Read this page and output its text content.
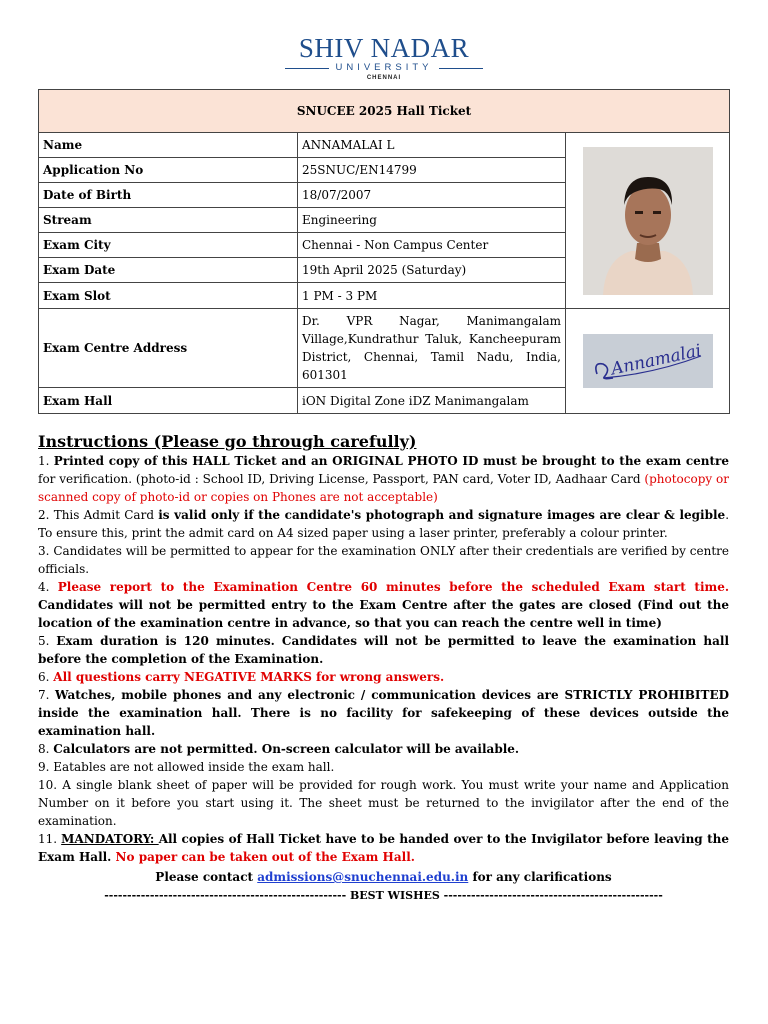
SHIV NADAR
UNIVERSITY
CHENNAI
SNUCEE 2025 Hall Ticket		
Name	ANNAMALAI L	

Application No	25SNUC/EN14799	
Date of Birth	18/07/2007	
Stream	Engineering	
Exam City	Chennai - Non Campus Center	
Exam Date	19th April 2025 (Saturday)	
Exam Slot	1 PM - 3 PM	
Exam Centre Address	Dr. VPR Nagar, Manimangalam Village,Kundrathur Taluk, Kancheepuram District, Chennai, Tamil Nadu, India, 601301	Annamalai

Exam Hall	iON Digital Zone iDZ Manimangalam	
Instructions (Please go through carefully)

1. Printed copy of this HALL Ticket and an ORIGINAL PHOTO ID must be brought to the exam centre for verification. (photo-id : School ID, Driving License, Passport, PAN card, Voter ID, Aadhaar Card (photocopy or scanned copy of photo-id or copies on Phones are not acceptable)

2. This Admit Card is valid only if the candidate's photograph and signature images are clear & legible. To ensure this, print the admit card on A4 sized paper using a laser printer, preferably a colour printer.

3. Candidates will be permitted to appear for the examination ONLY after their credentials are verified by centre officials.

4. Please report to the Examination Centre 60 minutes before the scheduled Exam start time. Candidates will not be permitted entry to the Exam Centre after the gates are closed (Find out the location of the examination centre in advance, so that you can reach the centre well in time)

5. Exam duration is 120 minutes. Candidates will not be permitted to leave the examination hall before the completion of the Examination.

6. All questions carry NEGATIVE MARKS for wrong answers.

7. Watches, mobile phones and any electronic / communication devices are STRICTLY PROHIBITED inside the examination hall. There is no facility for safekeeping of these devices outside the examination hall.

8. Calculators are not permitted. On-screen calculator will be available.

9. Eatables are not allowed inside the exam hall.

10. A single blank sheet of paper will be provided for rough work. You must write your name and Application Number on it before you start using it. The sheet must be returned to the invigilator after the end of the examination.

11. MANDATORY: All copies of Hall Ticket have to be handed over to the Invigilator before leaving the Exam Hall. No paper can be taken out of the Exam Hall.

Please contact admissions@snuchennai.edu.in for any clarifications

----------------------------------------------------- BEST WISHES ------------------------------------------------
